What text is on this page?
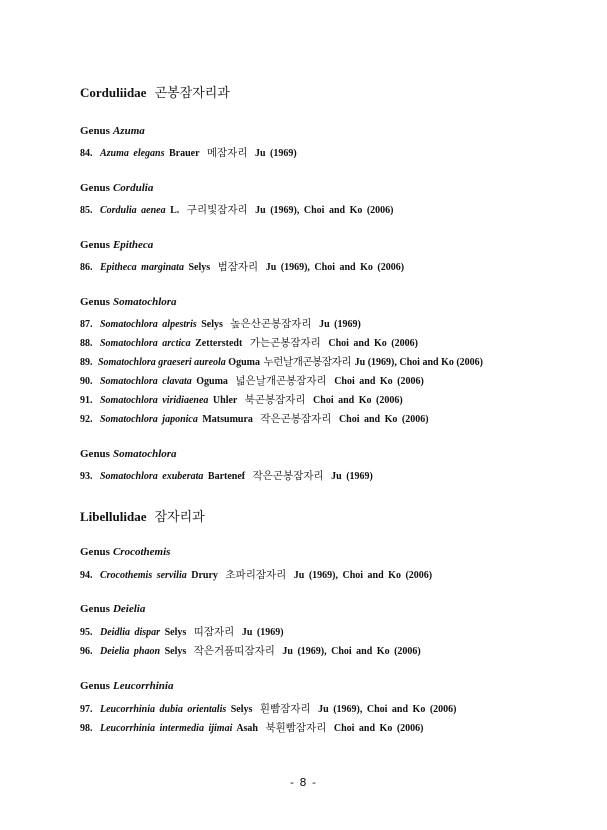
Corduliidae 곤봉잠자리과
Genus Azuma
84. Azuma elegans Brauer 메잠자리 Ju (1969)
Genus Cordulia
85. Cordulia aenea L. 구리빛잠자리 Ju (1969), Choi and Ko (2006)
Genus Epitheca
86. Epitheca marginata Selys 범잠자리 Ju (1969), Choi and Ko (2006)
Genus Somatochlora
87. Somatochlora alpestris Selys 높은산곤봉잠자리 Ju (1969)
88. Somatochlora arctica Zetterstedt 가는곤봉잠자리 Choi and Ko (2006)
89. Somatochlora graeseri aureola Oguma 누런날개곤봉잠자리 Ju (1969), Choi and Ko (2006)
90. Somatochlora clavata Oguma 넓은날개곤봉잠자리 Choi and Ko (2006)
91. Somatochlora viridiaenea Uhler 북곤봉잠자리 Choi and Ko (2006)
92. Somatochlora japonica Matsumura 작은곤봉잠자리 Choi and Ko (2006)
Genus Somatochlora
93. Somatochlora exuberata Bartenef 작은곤봉잠자리 Ju (1969)
Libellulidae 잠자리과
Genus Crocothemis
94. Crocothemis servilia Drury 초파리잠자리 Ju (1969), Choi and Ko (2006)
Genus Deielia
95. Deidlia dispar Selys 띠잠자리 Ju (1969)
96. Deielia phaon Selys 작은거품띠잠자리 Ju (1969), Choi and Ko (2006)
Genus Leucorrhinia
97. Leucorrhinia dubia orientalis Selys 흰빰잠자리 Ju (1969), Choi and Ko (2006)
98. Leucorrhinia intermedia ijimai Asah 북흰빰잠자리 Choi and Ko (2006)
- 8 -
